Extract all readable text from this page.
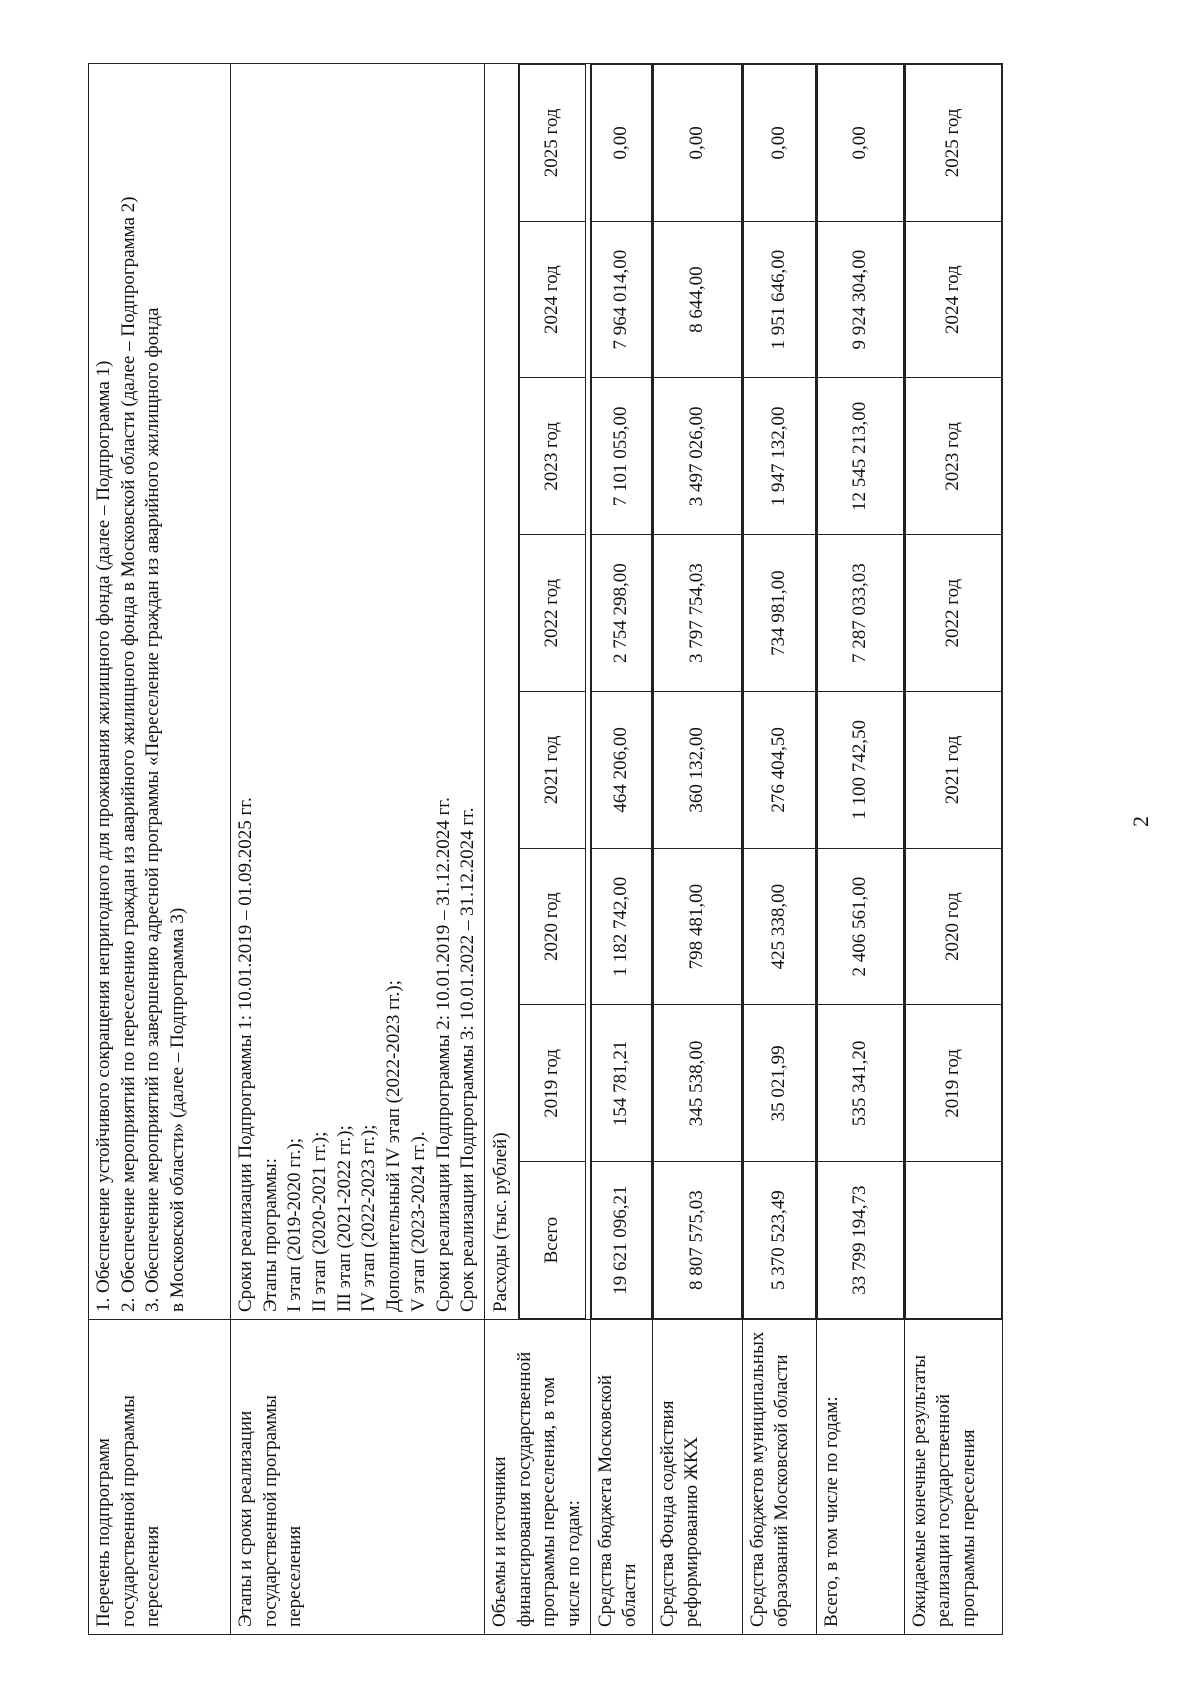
2
Перечень подпрограмм государственной программы переселения	
1. Обеспечение устойчивого сокращения непригодного для проживания жилищного фонда (далее – Подпрограмма 1) 2. Обеспечение мероприятий по переселению граждан из аварийного жилищного фонда в Московской области (далее – Подпрограмма 2) 3. Обеспечение мероприятий по завершению адресной программы «Переселение граждан из аварийного жилищного фонда в Московской области» (далее – Подпрограмма 3)

Этапы и сроки реализации государственной программы переселения	
Сроки реализации Подпрограммы 1: 10.01.2019 – 01.09.2025 гг. Этапы программы: I этап (2019-2020 гг.); II этап (2020-2021 гг.); III этап (2021-2022 гг.); IV этап (2022-2023 гг.); Дополнительный IV этап (2022-2023 гг.); V этап (2023-2024 гг.). Сроки реализации Подпрограммы 2: 10.01.2019 – 31.12.2024 гг. Срок реализации Подпрограммы 3: 10.01.2022 – 31.12.2024 гг.

Объемы и источники финансирования государственной программы переселения, в том числе по годам:	
Расходы (тыс. рублей)	Всего	2019 год	2020 год	2021 год	2022 год	2023 год	2024 год	2025 год

Средства бюджета Московской области	
19 621 096,21	154 781,21	1 182 742,00	464 206,00	2 754 298,00	7 101 055,00	7 964 014,00	0,00

Средства Фонда содействия реформированию ЖКХ	
8 807 575,03	345 538,00	798 481,00	360 132,00	3 797 754,03	3 497 026,00	8 644,00	0,00

Средства бюджетов муниципальных образований Московской области	
5 370 523,49	35 021,99	425 338,00	276 404,50	734 981,00	1 947 132,00	1 951 646,00	0,00

Всего, в том числе по годам:	
33 799 194,73	535 341,20	2 406 561,00	1 100 742,50	7 287 033,03	12 545 213,00	9 924 304,00	0,00

Ожидаемые конечные результаты реализации государственной программы переселения	
	2019 год	2020 год	2021 год	2022 год	2023 год	2024 год	2025 год
